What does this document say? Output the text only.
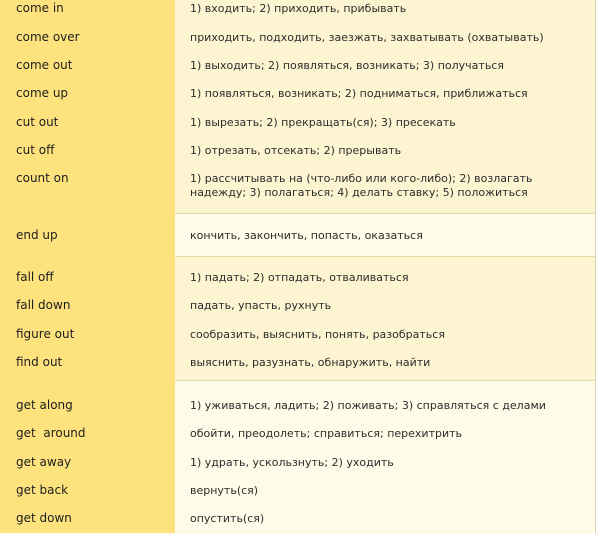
come in	1) входить; 2) приходить, прибывать
come over	приходить, подходить, заезжать, захватывать (охватывать)
come out	1) выходить; 2) появляться, возникать; 3) получаться
come up	1) появляться, возникать; 2) подниматься, приближаться
cut out	1) вырезать; 2) прекращать(ся); 3) пресекать
cut off	1) отрезать, отсекать; 2) прерывать
count on	1) рассчитывать на (что-либо или кого-либо); 2) возлагать надежду; 3) полагаться; 4) делать ставку; 5) положиться
end up	кончить, закончить, попасть, оказаться
fall off	1) падать; 2) отпадать, отваливаться
fall down	падать, упасть, рухнуть
figure out	сообразить, выяснить, понять, разобраться
find out	выяснить, разузнать, обнаружить, найти
get along	1) уживаться, ладить; 2) поживать; 3) справляться с делами
get  around	обойти, преодолеть; справиться; перехитрить
get away	1) удрать, ускользнуть; 2) уходить
get back	вернуть(ся)
get down	опустить(ся)
